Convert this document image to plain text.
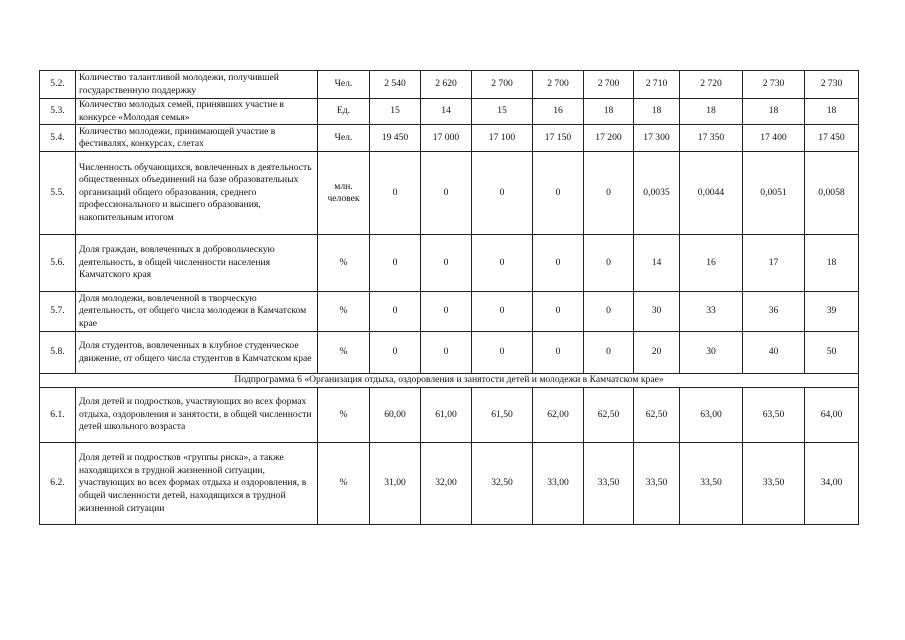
5.2.	Количество талантливой молодежи, получившей государственную поддержку	Чел.	2 540	2 620	2 700	2 700	2 700	2 710	2 720	2 730	2 730
5.3.	Количество молодых семей, принявших участие в конкурсе «Молодая семья»	Ед.	15	14	15	16	18	18	18	18	18
5.4.	Количество молодежи, принимающей участие в фестивалях, конкурсах, слетах	Чел.	19 450	17 000	17 100	17 150	17 200	17 300	17 350	17 400	17 450
5.5.	Численность обучающихся, вовлеченных в деятельность общественных объединений на базе образовательных организаций общего образования, среднего профессионального и высшего образования, накопительным итогом	млн. человек	0	0	0	0	0	0,0035	0,0044	0,0051	0,0058
5.6.	Доля граждан, вовлеченных в добровольческую деятельность, в общей численности населения Камчатского края	%	0	0	0	0	0	14	16	17	18
5.7.	Доля молодежи, вовлеченной в творческую деятельность, от общего числа молодежи в Камчатском крае	%	0	0	0	0	0	30	33	36	39
5.8.	Доля студентов, вовлеченных в клубное студенческое движение, от общего числа студентов в Камчатском крае	%	0	0	0	0	0	20	30	40	50
Подпрограмма 6 «Организация отдыха, оздоровления и занятости детей и молодежи в Камчатском крае»											
6.1.	Доля детей и подростков, участвующих во всех формах отдыха, оздоровления и занятости, в общей численности детей школьного возраста	%	60,00	61,00	61,50	62,00	62,50	62,50	63,00	63,50	64,00
6.2.	Доля детей и подростков «группы риска», а также находящихся в трудной жизненной ситуации, участвующих во всех формах отдыха и оздоровления, в общей численности детей, находящихся в трудной жизненной ситуации	%	31,00	32,00	32,50	33,00	33,50	33,50	33,50	33,50	34,00
